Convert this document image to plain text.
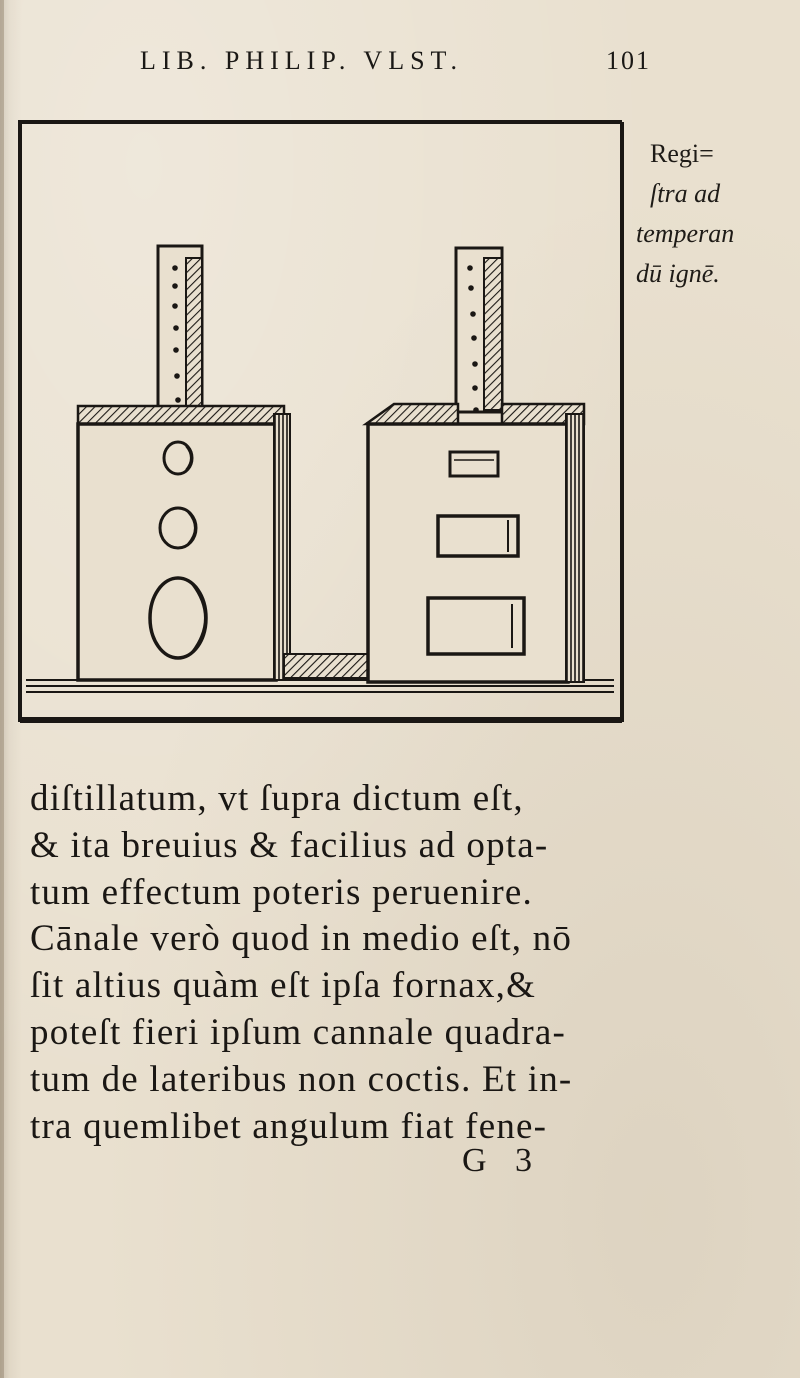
LIB. PHILIP. VLST.	101
Regi=
ſtra ad
temperan
dū ignē.
diſtillatum, vt ſupra dictum eſt,
& ita breuius & facilius ad opta-
tum effectum poteris peruenire.
Cānale verò quod in medio eſt, nō
ſit altius quàm eſt ipſa fornax,&
poteſt fieri ipſum cannale quadra-
tum de lateribus non coctis. Et in-
tra quemlibet angulum fiat fene-
G 3
